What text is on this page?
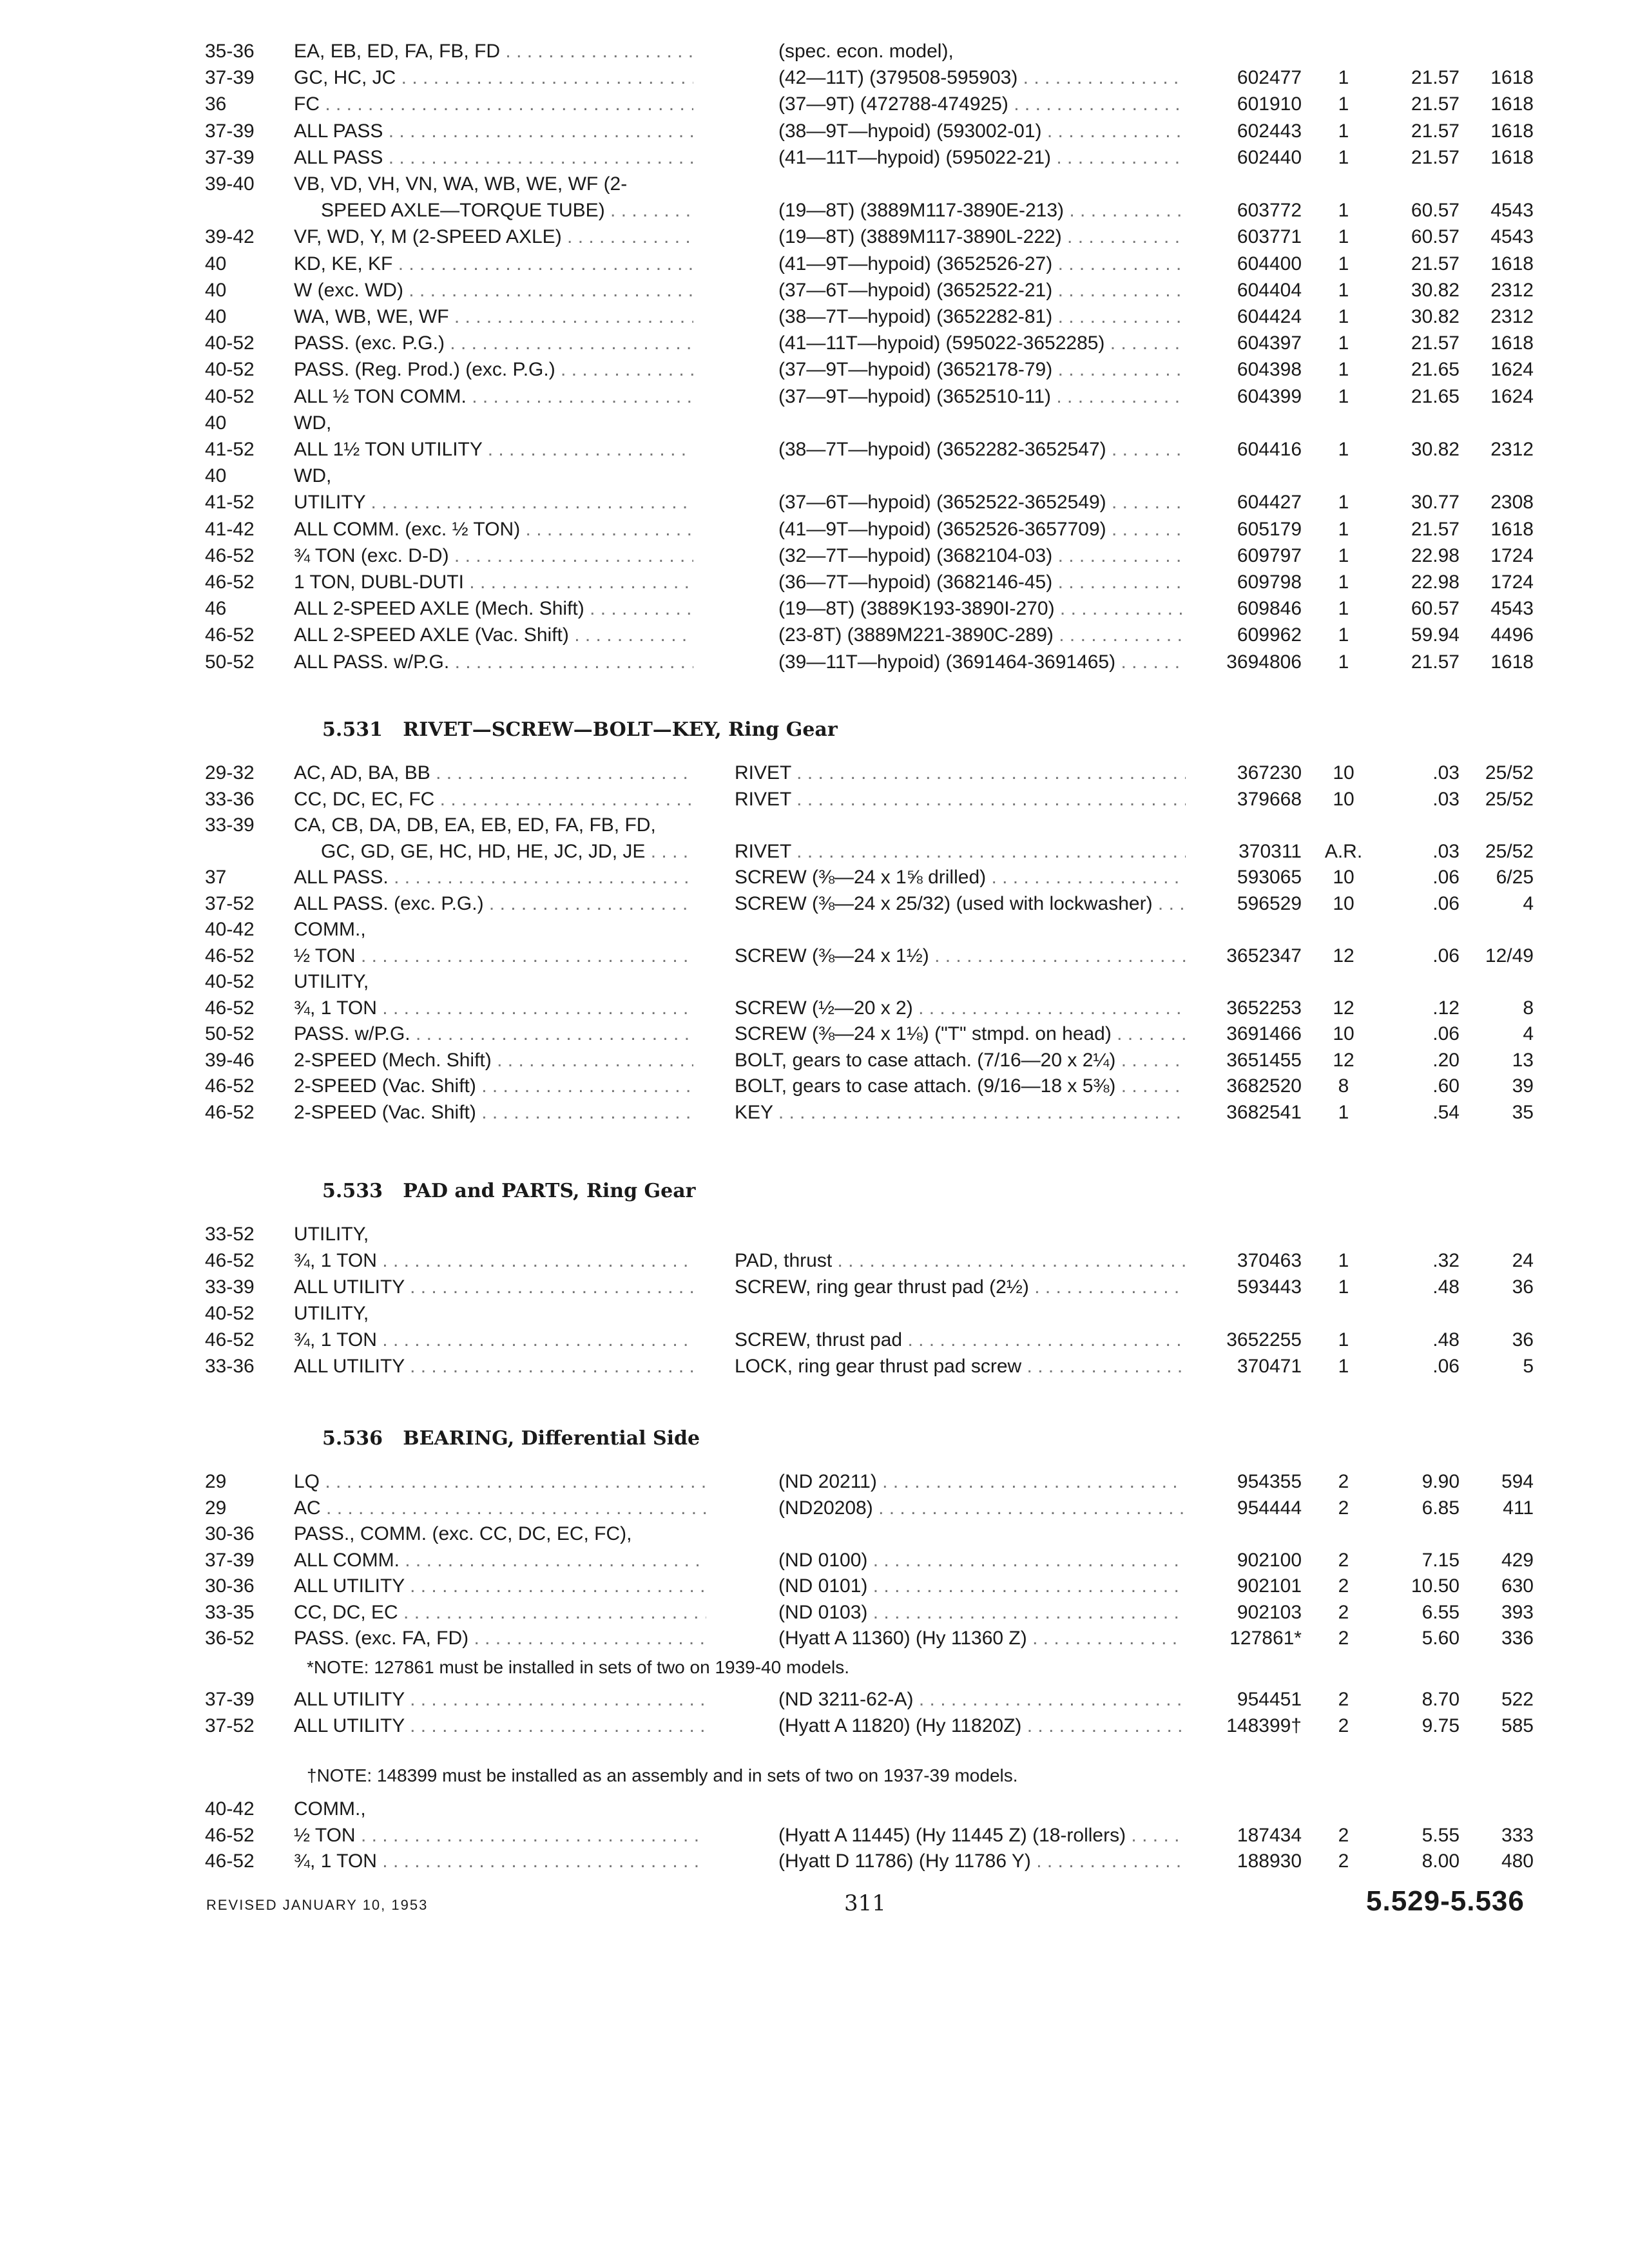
35-36	EA, EB, ED, FA, FB, FD . . .	(spec. econ. model),
37-39	GC, HC, JC . . .	(42—11T) (379508-595903) . . .	602477	1	21.57	1618
36	FC . . .	(37—9T) (472788-474925) . . .	601910	1	21.57	1618
37-39	ALL PASS . . .	(38—9T—hypoid) (593002-01) . . .	602443	1	21.57	1618
37-39	ALL PASS . . .	(41—11T—hypoid) (595022-21) . . .	602440	1	21.57	1618
39-40	VB, VD, VH, VN, WA, WB, WE, WF (2-
SPEED AXLE—TORQUE TUBE) . . .	(19—8T) (3889M117-3890E-213) . . .	603772	1	60.57	4543
39-42	VF, WD, Y, M (2-SPEED AXLE) . . .	(19—8T) (3889M117-3890L-222) . . .	603771	1	60.57	4543
40	KD, KE, KF . . .	(41—9T—hypoid) (3652526-27) . . .	604400	1	21.57	1618
40	W (exc. WD) . . .	(37—6T—hypoid) (3652522-21) . . .	604404	1	30.82	2312
40	WA, WB, WE, WF . . .	(38—7T—hypoid) (3652282-81) . . .	604424	1	30.82	2312
40-52	PASS. (exc. P.G.) . . .	(41—11T—hypoid) (595022-3652285) . . .	604397	1	21.57	1618
40-52	PASS. (Reg. Prod.) (exc. P.G.) . . .	(37—9T—hypoid) (3652178-79) . . .	604398	1	21.65	1624
40-52	ALL ½ TON COMM. . . .	(37—9T—hypoid) (3652510-11) . . .	604399	1	21.65	1624
40	WD,
41-52	ALL 1½ TON UTILITY . . .	(38—7T—hypoid) (3652282-3652547) . . .	604416	1	30.82	2312
40	WD,
41-52	UTILITY . . .	(37—6T—hypoid) (3652522-3652549) . . .	604427	1	30.77	2308
41-42	ALL COMM. (exc. ½ TON) . . .	(41—9T—hypoid) (3652526-3657709) . . .	605179	1	21.57	1618
46-52	¾ TON (exc. D-D) . . .	(32—7T—hypoid) (3682104-03) . . .	609797	1	22.98	1724
46-52	1 TON, DUBL-DUTI . . .	(36—7T—hypoid) (3682146-45) . . .	609798	1	22.98	1724
46	ALL 2-SPEED AXLE (Mech. Shift) . . .	(19—8T) (3889K193-3890I-270) . . .	609846	1	60.57	4543
46-52	ALL 2-SPEED AXLE (Vac. Shift) . . .	(23-8T) (3889M221-3890C-289) . . .	609962	1	59.94	4496
50-52	ALL PASS. w/P.G. . . .	(39—11T—hypoid) (3691464-3691465) . . .	3694806	1	21.57	1618
5.531 RIVET—SCREW—BOLT—KEY, Ring Gear
29-32	AC, AD, BA, BB . . .	RIVET . . .	367230	10	.03	25/52
33-36	CC, DC, EC, FC . . .	RIVET . . .	379668	10	.03	25/52
33-39	CA, CB, DA, DB, EA, EB, ED, FA, FB, FD,
GC, GD, GE, HC, HD, HE, JC, JD, JE . . .	RIVET . . .	370311	A.R.	.03	25/52
37	ALL PASS. . . .	SCREW (⅜—24 x 1⅝ drilled) . . .	593065	10	.06	6/25
37-52	ALL PASS. (exc. P.G.) . . .	SCREW (⅜—24 x 25/32) (used with lockwasher) . . .	596529	10	.06	4
40-42	COMM.,
46-52	½ TON . . .	SCREW (⅜—24 x 1½) . . .	3652347	12	.06	12/49
40-52	UTILITY,
46-52	¾, 1 TON . . .	SCREW (½—20 x 2) . . .	3652253	12	.12	8
50-52	PASS. w/P.G. . . .	SCREW (⅜—24 x 1⅛) ("T" stmpd. on head) . . .	3691466	10	.06	4
39-46	2-SPEED (Mech. Shift) . . .	BOLT, gears to case attach. (7/16—20 x 2¼) . . .	3651455	12	.20	13
46-52	2-SPEED (Vac. Shift) . . .	BOLT, gears to case attach. (9/16—18 x 5⅜) . . .	3682520	8	.60	39
46-52	2-SPEED (Vac. Shift) . . .	KEY . . .	3682541	1	.54	35
5.533 PAD and PARTS, Ring Gear
33-52	UTILITY,
46-52	¾, 1 TON . . .	PAD, thrust . . .	370463	1	.32	24
33-39	ALL UTILITY . . .	SCREW, ring gear thrust pad (2½) . . .	593443	1	.48	36
40-52	UTILITY,
46-52	¾, 1 TON . . .	SCREW, thrust pad . . .	3652255	1	.48	36
33-36	ALL UTILITY . . .	LOCK, ring gear thrust pad screw . . .	370471	1	.06	5
5.536 BEARING, Differential Side
29	LQ . . .	(ND 20211) . . .	954355	2	9.90	594
29	AC . . .	(ND20208) . . .	954444	2	6.85	411
30-36	PASS., COMM. (exc. CC, DC, EC, FC),
37-39	ALL COMM. . . .	(ND 0100) . . .	902100	2	7.15	429
30-36	ALL UTILITY . . .	(ND 0101) . . .	902101	2	10.50	630
33-35	CC, DC, EC . . .	(ND 0103) . . .	902103	2	6.55	393
36-52	PASS. (exc. FA, FD) . . .	(Hyatt A 11360) (Hy 11360 Z) . . .	127861*	2	5.60	336
*NOTE: 127861 must be installed in sets of two on 1939-40 models.
37-39	ALL UTILITY . . .	(ND 3211-62-A) . . .	954451	2	8.70	522
37-52	ALL UTILITY . . .	(Hyatt A 11820) (Hy 11820Z) . . .	148399†	2	9.75	585
†NOTE: 148399 must be installed as an assembly and in sets of two on 1937-39 models.
40-42	COMM.,
46-52	½ TON . . .	(Hyatt A 11445) (Hy 11445 Z) (18-rollers) . . .	187434	2	5.55	333
46-52	¾, 1 TON . . .	(Hyatt D 11786) (Hy 11786 Y) . . .	188930	2	8.00	480
REVISED JANUARY 10, 1953	311	5.529-5.536
